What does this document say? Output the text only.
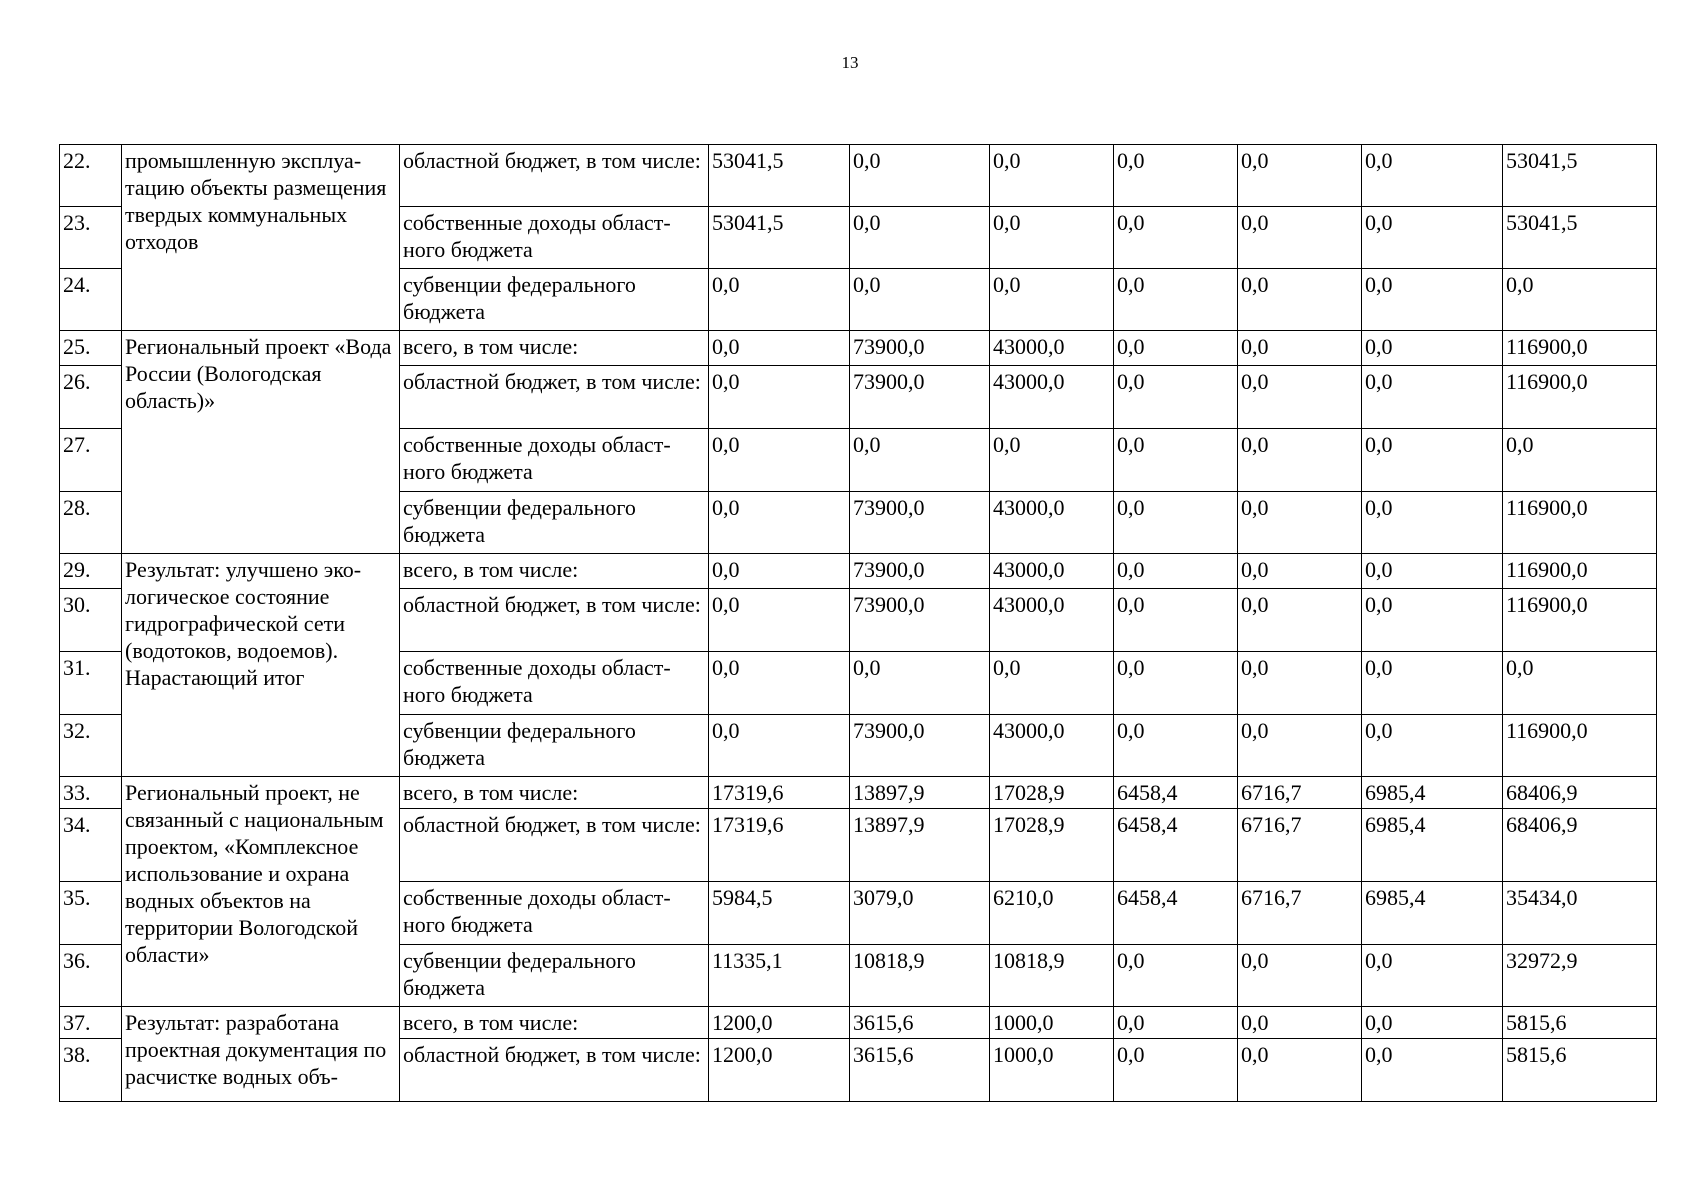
13
22.	промышленную эксплуатацию объекты размещения твердых коммунальных отходов	областной бюджет, в том числе:	53041,5	0,0	0,0	0,0	0,0	0,0	53041,5
23.		собственные доходы областного бюджета	53041,5	0,0	0,0	0,0	0,0	0,0	53041,5
24.		субвенции федерального бюджета	0,0	0,0	0,0	0,0	0,0	0,0	0,0
25.	Региональный проект «Вода России (Вологодская область)»	всего, в том числе:	0,0	73900,0	43000,0	0,0	0,0	0,0	116900,0
26.		областной бюджет, в том числе:	0,0	73900,0	43000,0	0,0	0,0	0,0	116900,0
27.		собственные доходы областного бюджета	0,0	0,0	0,0	0,0	0,0	0,0	0,0
28.		субвенции федерального бюджета	0,0	73900,0	43000,0	0,0	0,0	0,0	116900,0
29.	Результат: улучшено экологическое состояние гидрографической сети (водотоков, водоемов). Нарастающий итог	всего, в том числе:	0,0	73900,0	43000,0	0,0	0,0	0,0	116900,0
30.		областной бюджет, в том числе:	0,0	73900,0	43000,0	0,0	0,0	0,0	116900,0
31.		собственные доходы областного бюджета	0,0	0,0	0,0	0,0	0,0	0,0	0,0
32.		субвенции федерального бюджета	0,0	73900,0	43000,0	0,0	0,0	0,0	116900,0
33.	Региональный проект, не связанный с национальным проектом, «Комплексное использование и охрана водных объектов на территории Вологодской области»	всего, в том числе:	17319,6	13897,9	17028,9	6458,4	6716,7	6985,4	68406,9
34.		областной бюджет, в том числе:	17319,6	13897,9	17028,9	6458,4	6716,7	6985,4	68406,9
35.		собственные доходы областного бюджета	5984,5	3079,0	6210,0	6458,4	6716,7	6985,4	35434,0
36.		субвенции федерального бюджета	11335,1	10818,9	10818,9	0,0	0,0	0,0	32972,9
37.	Результат: разработана проектная документация по расчистке водных объ-	всего, в том числе:	1200,0	3615,6	1000,0	0,0	0,0	0,0	5815,6
38.		областной бюджет, в том числе:	1200,0	3615,6	1000,0	0,0	0,0	0,0	5815,6
